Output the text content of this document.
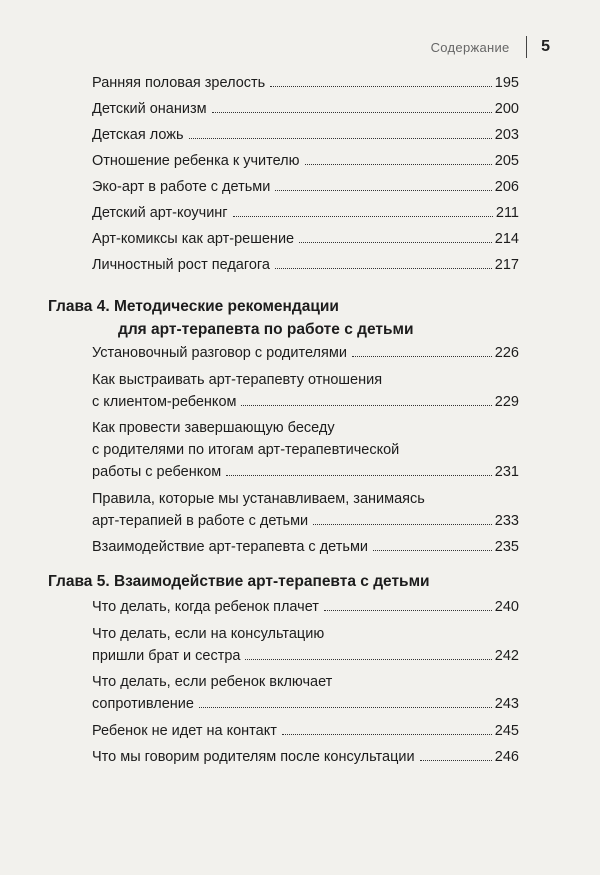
Содержание 5
Глава 4. Методические рекомендации
для арт-терапевта по работе с детьми
Глава 5. Взаимодействие арт-терапевта с детьми
Ранняя половая зрелость	195
Детский онанизм	200
Детская ложь	203
Отношение ребенка к учителю	205
Эко-арт в работе с детьми	206
Детский арт-коучинг	211
Арт-комиксы как арт-решение	214
Личностный рост педагога	217
Установочный разговор с родителями	226
Как выстраивать арт-терапевту отношения
с клиентом-ребенком	229
Как провести завершающую беседу
с родителями по итогам арт-терапевтической
работы с ребенком	231
Правила, которые мы устанавливаем, занимаясь
арт-терапией в работе с детьми	233
Взаимодействие арт-терапевта с детьми	235
Что делать, когда ребенок плачет	240
Что делать, если на консультацию
пришли брат и сестра	242
Что делать, если ребенок включает
сопротивление	243
Ребенок не идет на контакт	245
Что мы говорим родителям после консультации	246
